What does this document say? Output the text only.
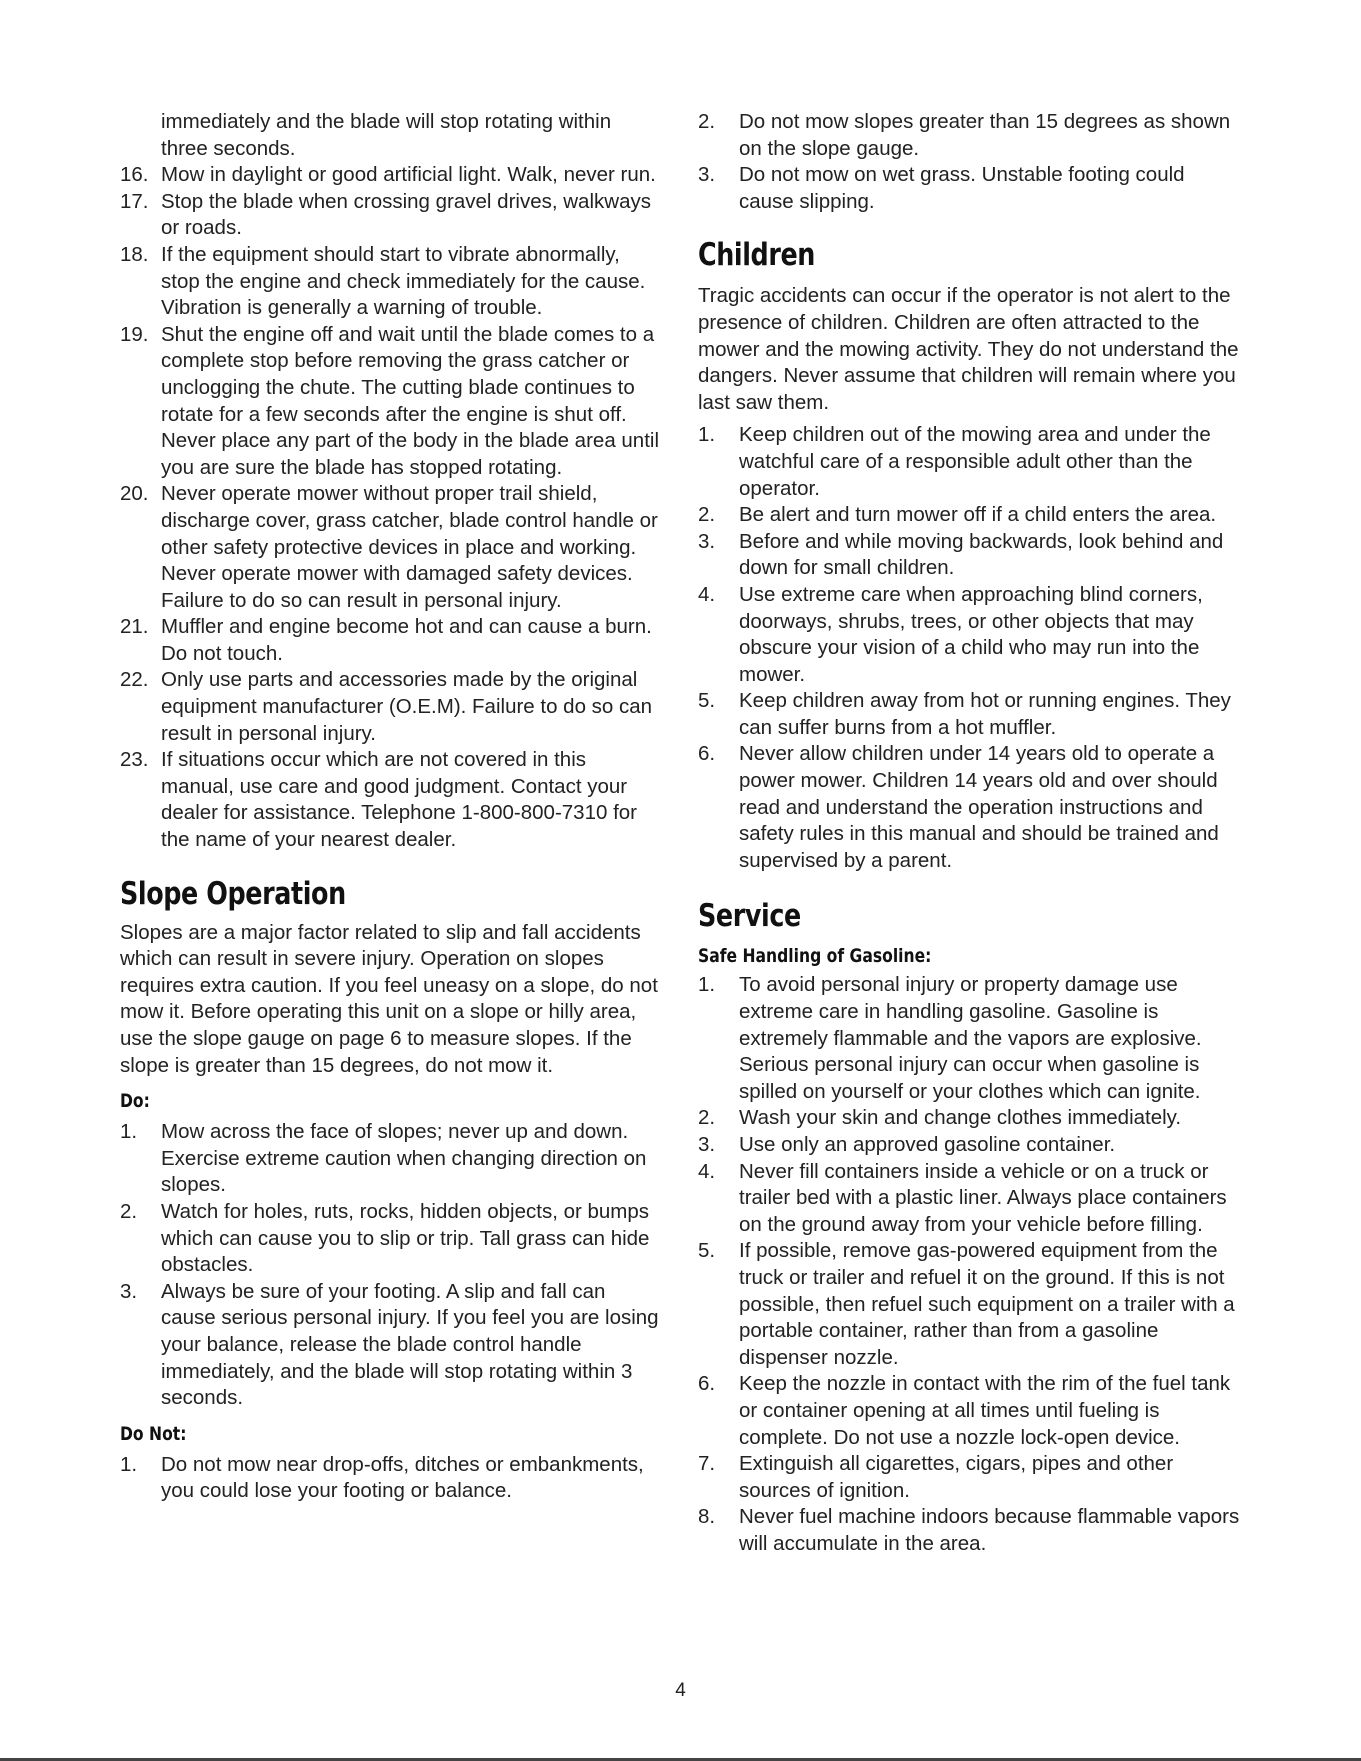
immediately and the blade will stop rotating within three seconds.
16. Mow in daylight or good artificial light. Walk, never run.
17. Stop the blade when crossing gravel drives, walkways or roads.
18. If the equipment should start to vibrate abnormally, stop the engine and check immediately for the cause. Vibration is generally a warning of trouble.
19. Shut the engine off and wait until the blade comes to a complete stop before removing the grass catcher or unclogging the chute. The cutting blade continues to rotate for a few seconds after the engine is shut off. Never place any part of the body in the blade area until you are sure the blade has stopped rotating.
20. Never operate mower without proper trail shield, discharge cover, grass catcher, blade control handle or other safety protective devices in place and working. Never operate mower with damaged safety devices. Failure to do so can result in personal injury.
21. Muffler and engine become hot and can cause a burn. Do not touch.
22. Only use parts and accessories made by the original equipment manufacturer (O.E.M). Failure to do so can result in personal injury.
23. If situations occur which are not covered in this manual, use care and good judgment. Contact your dealer for assistance. Telephone 1-800-800-7310 for the name of your nearest dealer.
Slope Operation

Slopes are a major factor related to slip and fall accidents which can result in severe injury. Operation on slopes requires extra caution. If you feel uneasy on a slope, do not mow it. Before operating this unit on a slope or hilly area, use the slope gauge on page 6 to measure slopes. If the slope is greater than 15 degrees, do not mow it.

Do:
1.	Mow across the face of slopes; never up and down. Exercise extreme caution when changing direction on slopes.
2.	Watch for holes, ruts, rocks, hidden objects, or bumps which can cause you to slip or trip. Tall grass can hide obstacles.
3.	Always be sure of your footing. A slip and fall can cause serious personal injury. If you feel you are losing your balance, release the blade control handle immediately, and the blade will stop rotating within 3 seconds.
Do Not:
1.	Do not mow near drop-offs, ditches or embankments, you could lose your footing or balance.
2.	Do not mow slopes greater than 15 degrees as shown on the slope gauge.
3.	Do not mow on wet grass. Unstable footing could cause slipping.
Children

Tragic accidents can occur if the operator is not alert to the presence of children. Children are often attracted to the mower and the mowing activity. They do not understand the dangers. Never assume that children will remain where you last saw them.

1.	Keep children out of the mowing area and under the watchful care of a responsible adult other than the operator.
2.	Be alert and turn mower off if a child enters the area.
3.	Before and while moving backwards, look behind and down for small children.
4.	Use extreme care when approaching blind corners, doorways, shrubs, trees, or other objects that may obscure your vision of a child who may run into the mower.
5.	Keep children away from hot or running engines. They can suffer burns from a hot muffler.
6.	Never allow children under 14 years old to operate a power mower. Children 14 years old and over should read and understand the operation instructions and safety rules in this manual and should be trained and supervised by a parent.
Service
Safe Handling of Gasoline:
1.	To avoid personal injury or property damage use extreme care in handling gasoline. Gasoline is extremely flammable and the vapors are explosive. Serious personal injury can occur when gasoline is spilled on yourself or your clothes which can ignite.
2.	Wash your skin and change clothes immediately.
3.	Use only an approved gasoline container.
4.	Never fill containers inside a vehicle or on a truck or trailer bed with a plastic liner. Always place containers on the ground away from your vehicle before filling.
5.	If possible, remove gas-powered equipment from the truck or trailer and refuel it on the ground. If this is not possible, then refuel such equipment on a trailer with a portable container, rather than from a gasoline dispenser nozzle.
6.	Keep the nozzle in contact with the rim of the fuel tank or container opening at all times until fueling is complete. Do not use a nozzle lock-open device.
7.	Extinguish all cigarettes, cigars, pipes and other sources of ignition.
8.	Never fuel machine indoors because flammable vapors will accumulate in the area.
4
